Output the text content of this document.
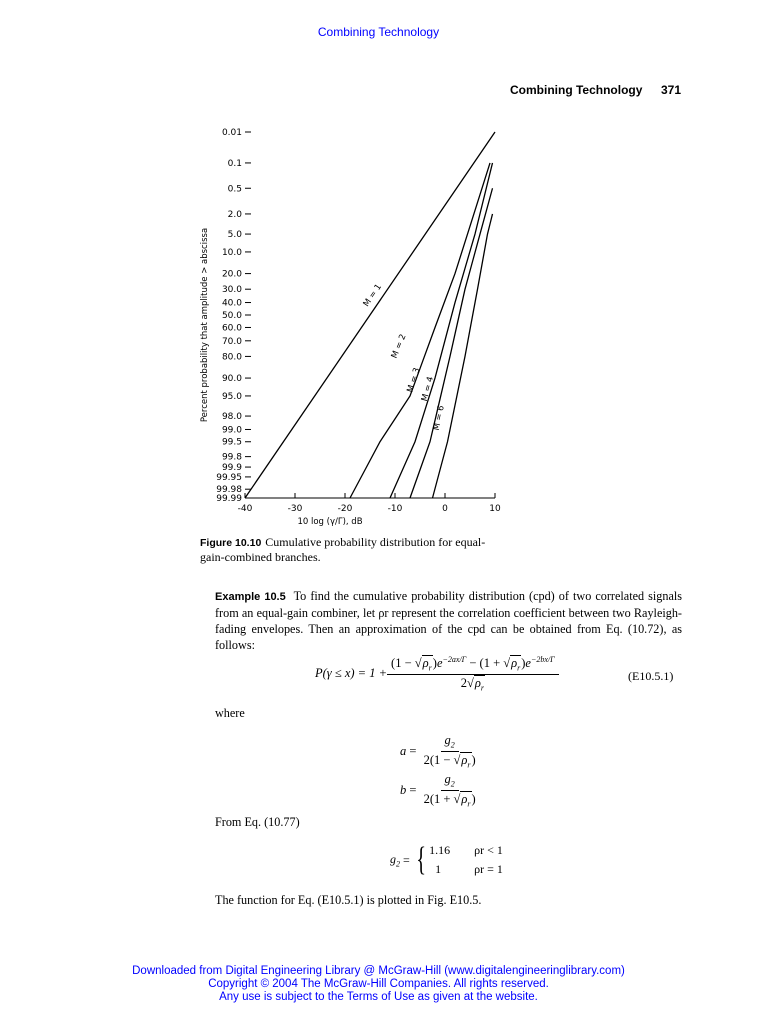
Combining Technology
Combining Technology 371
0.01
0.1
0.5
2.0
5.0
10.0
20.0
30.0
40.0
50.0
60.0
70.0
80.0
90.0
95.0
98.0
99.0
99.5
99.8
99.9
99.95
99.98
99.99
-40	-30	-20	-10	0	10
M = 1
M = 2
M = 3
M = 4
M = 6
Percent probability that amplitude > abscissa
10 log (γ/Γ), dB
Figure 10.10 Cumulative probability distribution for equal-gain-combined branches.
Example 10.5 To find the cumulative probability distribution (cpd) of two correlated signals from an equal-gain combiner, let ρr represent the correlation coefficient between two Rayleigh-fading envelopes. Then an approximation of the cpd can be obtained from Eq. (10.72), as follows:
$P(\gamma \le x) = 1 + \frac{(1 - √\rho_r)e^{-2ax/\Gamma} - (1 + √\rho_r)e^{-2bx/\Gamma}}{2√\rho_r}$	(E10.5.1)
where
$a = \frac{g_2}{2(1 - √\rho_r)}$
$b = \frac{g_2}{2(1 + √\rho_r)}$
From Eq. (10.77)
$g_2$ = { 1.16	ρr < 1
1	ρr = 1
The function for Eq. (E10.5.1) is plotted in Fig. E10.5.
Downloaded from Digital Engineering Library @ McGraw-Hill (www.digitalengineeringlibrary.com)
Copyright © 2004 The McGraw-Hill Companies. All rights reserved.
Any use is subject to the Terms of Use as given at the website.
